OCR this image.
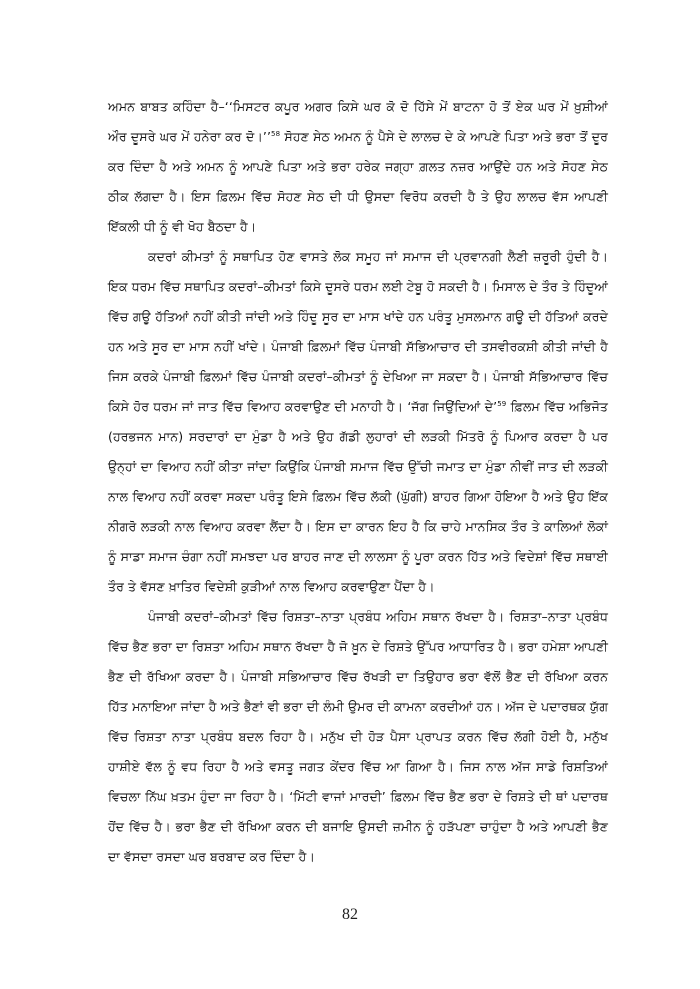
ਅਮਨ ਬਾਬਤ ਕਹਿੰਦਾ ਹੈ–‘‘ਮਿਸਟਰ ਕਪੂਰ ਅਗਰ ਕਿਸੇ ਘਰ ਕੋ ਦੋ ਹਿੱਸੇ ਮੇਂ ਬਾਟਨਾ ਹੋ ਤੋਂ ਏਕ ਘਰ ਮੇਂ ਖ਼ੁਸ਼ੀਆਂ ਔਰ ਦੂਸਰੇ ਘਰ ਮੇਂ ਹਨੇਰਾ ਕਰ ਦੋ।’’$^{58}$ ਸੋਹਣ ਸੇਠ ਅਮਨ ਨੂੰ ਪੈਸੇ ਦੇ ਲਾਲਚ ਦੇ ਕੇ ਆਪਣੇ ਪਿਤਾ ਅਤੇ ਭਰਾ ਤੋਂ ਦੂਰ ਕਰ ਦਿੰਦਾ ਹੈ ਅਤੇ ਅਮਨ ਨੂੰ ਆਪਣੇ ਪਿਤਾ ਅਤੇ ਭਰਾ ਹਰੇਕ ਜਗ੍ਹਾ ਗ਼ਲਤ ਨਜ਼ਰ ਆਉਂਦੇ ਹਨ ਅਤੇ ਸੋਹਣ ਸੇਠ ਠੀਕ ਲੱਗਦਾ ਹੈ। ਇਸ ਫ਼ਿਲਮ ਵਿੱਚ ਸੋਹਣ ਸੇਠ ਦੀ ਧੀ ਉਸਦਾ ਵਿਰੋਧ ਕਰਦੀ ਹੈ ਤੇ ਉਹ ਲਾਲਚ ਵੱਸ ਆਪਣੀ ਇੱਕਲੀ ਧੀ ਨੂੰ ਵੀ ਖੋਹ ਬੈਠਦਾ ਹੈ।

ਕਦਰਾਂ ਕੀਮਤਾਂ ਨੂੰ ਸਥਾਪਿਤ ਹੋਣ ਵਾਸਤੇ ਲੋਕ ਸਮੂਹ ਜਾਂ ਸਮਾਜ ਦੀ ਪ੍ਰਵਾਨਗੀ ਲੈਣੀ ਜ਼ਰੂਰੀ ਹੁੰਦੀ ਹੈ। ਇਕ ਧਰਮ ਵਿੱਚ ਸਥਾਪਿਤ ਕਦਰਾਂ–ਕੀਮਤਾਂ ਕਿਸੇ ਦੂਸਰੇ ਧਰਮ ਲਈ ਟੇਬੂ ਹੋ ਸਕਦੀ ਹੈ। ਮਿਸਾਲ ਦੇ ਤੌਰ ਤੇ ਹਿੰਦੂਆਂ ਵਿੱਚ ਗਊ ਹੱਤਿਆਂ ਨਹੀਂ ਕੀਤੀ ਜਾਂਦੀ ਅਤੇ ਹਿੰਦੂ ਸੂਰ ਦਾ ਮਾਸ ਖਾਂਦੇ ਹਨ ਪਰੰਤੂ ਮੁਸਲਮਾਨ ਗਊ ਦੀ ਹੱਤਿਆਂ ਕਰਦੇ ਹਨ ਅਤੇ ਸੂਰ ਦਾ ਮਾਸ ਨਹੀਂ ਖਾਂਦੇ। ਪੰਜਾਬੀ ਫ਼ਿਲਮਾਂ ਵਿੱਚ ਪੰਜਾਬੀ ਸੱਭਿਆਚਾਰ ਦੀ ਤਸਵੀਰਕਸ਼ੀ ਕੀਤੀ ਜਾਂਦੀ ਹੈ ਜਿਸ ਕਰਕੇ ਪੰਜਾਬੀ ਫ਼ਿਲਮਾਂ ਵਿੱਚ ਪੰਜਾਬੀ ਕਦਰਾਂ–ਕੀਮਤਾਂ ਨੂੰ ਦੇਖਿਆ ਜਾ ਸਕਦਾ ਹੈ। ਪੰਜਾਬੀ ਸੱਭਿਆਚਾਰ ਵਿੱਚ ਕਿਸੇ ਹੋਰ ਧਰਮ ਜਾਂ ਜਾਤ ਵਿੱਚ ਵਿਆਹ ਕਰਵਾਉਣ ਦੀ ਮਨਾਹੀ ਹੈ। ‘ਜੱਗ ਜਿਉਂਦਿਆਂ ਦੇ’$^{59}$ ਫ਼ਿਲਮ ਵਿੱਚ ਅਭਿਜੋਤ (ਹਰਭਜਨ ਮਾਨ) ਸਰਦਾਰਾਂ ਦਾ ਮੁੰਡਾ ਹੈ ਅਤੇ ਉਹ ਗੱਡੀ ਲੁਹਾਰਾਂ ਦੀ ਲੜਕੀ ਮਿੱਤਰੋ ਨੂੰ ਪਿਆਰ ਕਰਦਾ ਹੈ ਪਰ ਉਨ੍ਹਾਂ ਦਾ ਵਿਆਹ ਨਹੀਂ ਕੀਤਾ ਜਾਂਦਾ ਕਿਉਂਕਿ ਪੰਜਾਬੀ ਸਮਾਜ ਵਿੱਚ ਉੱਚੀ ਜਮਾਤ ਦਾ ਮੁੰਡਾ ਨੀਵੀਂ ਜਾਤ ਦੀ ਲੜਕੀ ਨਾਲ ਵਿਆਹ ਨਹੀਂ ਕਰਵਾ ਸਕਦਾ ਪਰੰਤੂ ਇਸੇ ਫ਼ਿਲਮ ਵਿੱਚ ਲੱਕੀ (ਘੁੱਗੀ) ਬਾਹਰ ਗਿਆ ਹੋਇਆ ਹੈ ਅਤੇ ਉਹ ਇੱਕ ਨੀਗਰੋ ਲੜਕੀ ਨਾਲ ਵਿਆਹ ਕਰਵਾ ਲੈਂਦਾ ਹੈ। ਇਸ ਦਾ ਕਾਰਨ ਇਹ ਹੈ ਕਿ ਚਾਹੇ ਮਾਨਸਿਕ ਤੌਰ ਤੇ ਕਾਲਿਆਂ ਲੋਕਾਂ ਨੂੰ ਸਾਡਾ ਸਮਾਜ ਚੰਗਾ ਨਹੀਂ ਸਮਝਦਾ ਪਰ ਬਾਹਰ ਜਾਣ ਦੀ ਲਾਲਸਾ ਨੂੰ ਪੂਰਾ ਕਰਨ ਹਿੱਤ ਅਤੇ ਵਿਦੇਸ਼ਾਂ ਵਿੱਚ ਸਥਾਈ ਤੌਰ ਤੇ ਵੱਸਣ ਖ਼ਾਤਿਰ ਵਿਦੇਸ਼ੀ ਕੁੜੀਆਂ ਨਾਲ ਵਿਆਹ ਕਰਵਾਉਣਾ ਪੈਂਦਾ ਹੈ।

ਪੰਜਾਬੀ ਕਦਰਾਂ–ਕੀਮਤਾਂ ਵਿੱਚ ਰਿਸ਼ਤਾ–ਨਾਤਾ ਪ੍ਰਬੰਧ ਅਹਿਮ ਸਥਾਨ ਰੱਖਦਾ ਹੈ। ਰਿਸ਼ਤਾ–ਨਾਤਾ ਪ੍ਰਬੰਧ ਵਿੱਚ ਭੈਣ ਭਰਾ ਦਾ ਰਿਸ਼ਤਾ ਅਹਿਮ ਸਥਾਨ ਰੱਖਦਾ ਹੈ ਜੋ ਖ਼ੂਨ ਦੇ ਰਿਸ਼ਤੇ ਉੱਪਰ ਆਧਾਰਿਤ ਹੈ। ਭਰਾ ਹਮੇਸ਼ਾ ਆਪਣੀ ਭੈਣ ਦੀ ਰੱਖਿਆ ਕਰਦਾ ਹੈ। ਪੰਜਾਬੀ ਸਭਿਆਚਾਰ ਵਿੱਚ ਰੱਖੜੀ ਦਾ ਤਿਉਹਾਰ ਭਰਾ ਵੱਲੋਂ ਭੈਣ ਦੀ ਰੱਖਿਆ ਕਰਨ ਹਿੱਤ ਮਨਾਇਆ ਜਾਂਦਾ ਹੈ ਅਤੇ ਭੈਣਾਂ ਵੀ ਭਰਾ ਦੀ ਲੰਮੀ ਉਮਰ ਦੀ ਕਾਮਨਾ ਕਰਦੀਆਂ ਹਨ। ਅੱਜ ਦੇ ਪਦਾਰਥਕ ਯੁੱਗ ਵਿੱਚ ਰਿਸ਼ਤਾ ਨਾਤਾ ਪ੍ਰਬੰਧ ਬਦਲ ਰਿਹਾ ਹੈ। ਮਨੁੱਖ ਦੀ ਹੋੜ ਪੈਸਾ ਪ੍ਰਾਪਤ ਕਰਨ ਵਿੱਚ ਲੱਗੀ ਹੋਈ ਹੈ, ਮਨੁੱਖ ਹਾਸ਼ੀਏ ਵੱਲ ਨੂੰ ਵਧ ਰਿਹਾ ਹੈ ਅਤੇ ਵਸਤੂ ਜਗਤ ਕੇਂਦਰ ਵਿੱਚ ਆ ਗਿਆ ਹੈ। ਜਿਸ ਨਾਲ ਅੱਜ ਸਾਡੇ ਰਿਸ਼ਤਿਆਂ ਵਿਚਲਾ ਨਿੱਘ ਖ਼ਤਮ ਹੁੰਦਾ ਜਾ ਰਿਹਾ ਹੈ। ‘ਮਿੱਟੀ ਵਾਜਾਂ ਮਾਰਦੀ’ ਫ਼ਿਲਮ ਵਿੱਚ ਭੈਣ ਭਰਾ ਦੇ ਰਿਸ਼ਤੇ ਦੀ ਥਾਂ ਪਦਾਰਥ ਹੋਂਦ ਵਿੱਚ ਹੈ। ਭਰਾ ਭੈਣ ਦੀ ਰੱਖਿਆ ਕਰਨ ਦੀ ਬਜਾਇ ਉਸਦੀ ਜ਼ਮੀਨ ਨੂੰ ਹੜੱਪਣਾ ਚਾਹੁੰਦਾ ਹੈ ਅਤੇ ਆਪਣੀ ਭੈਣ ਦਾ ਵੱਸਦਾ ਰਸਦਾ ਘਰ ਬਰਬਾਦ ਕਰ ਦਿੰਦਾ ਹੈ।

82
